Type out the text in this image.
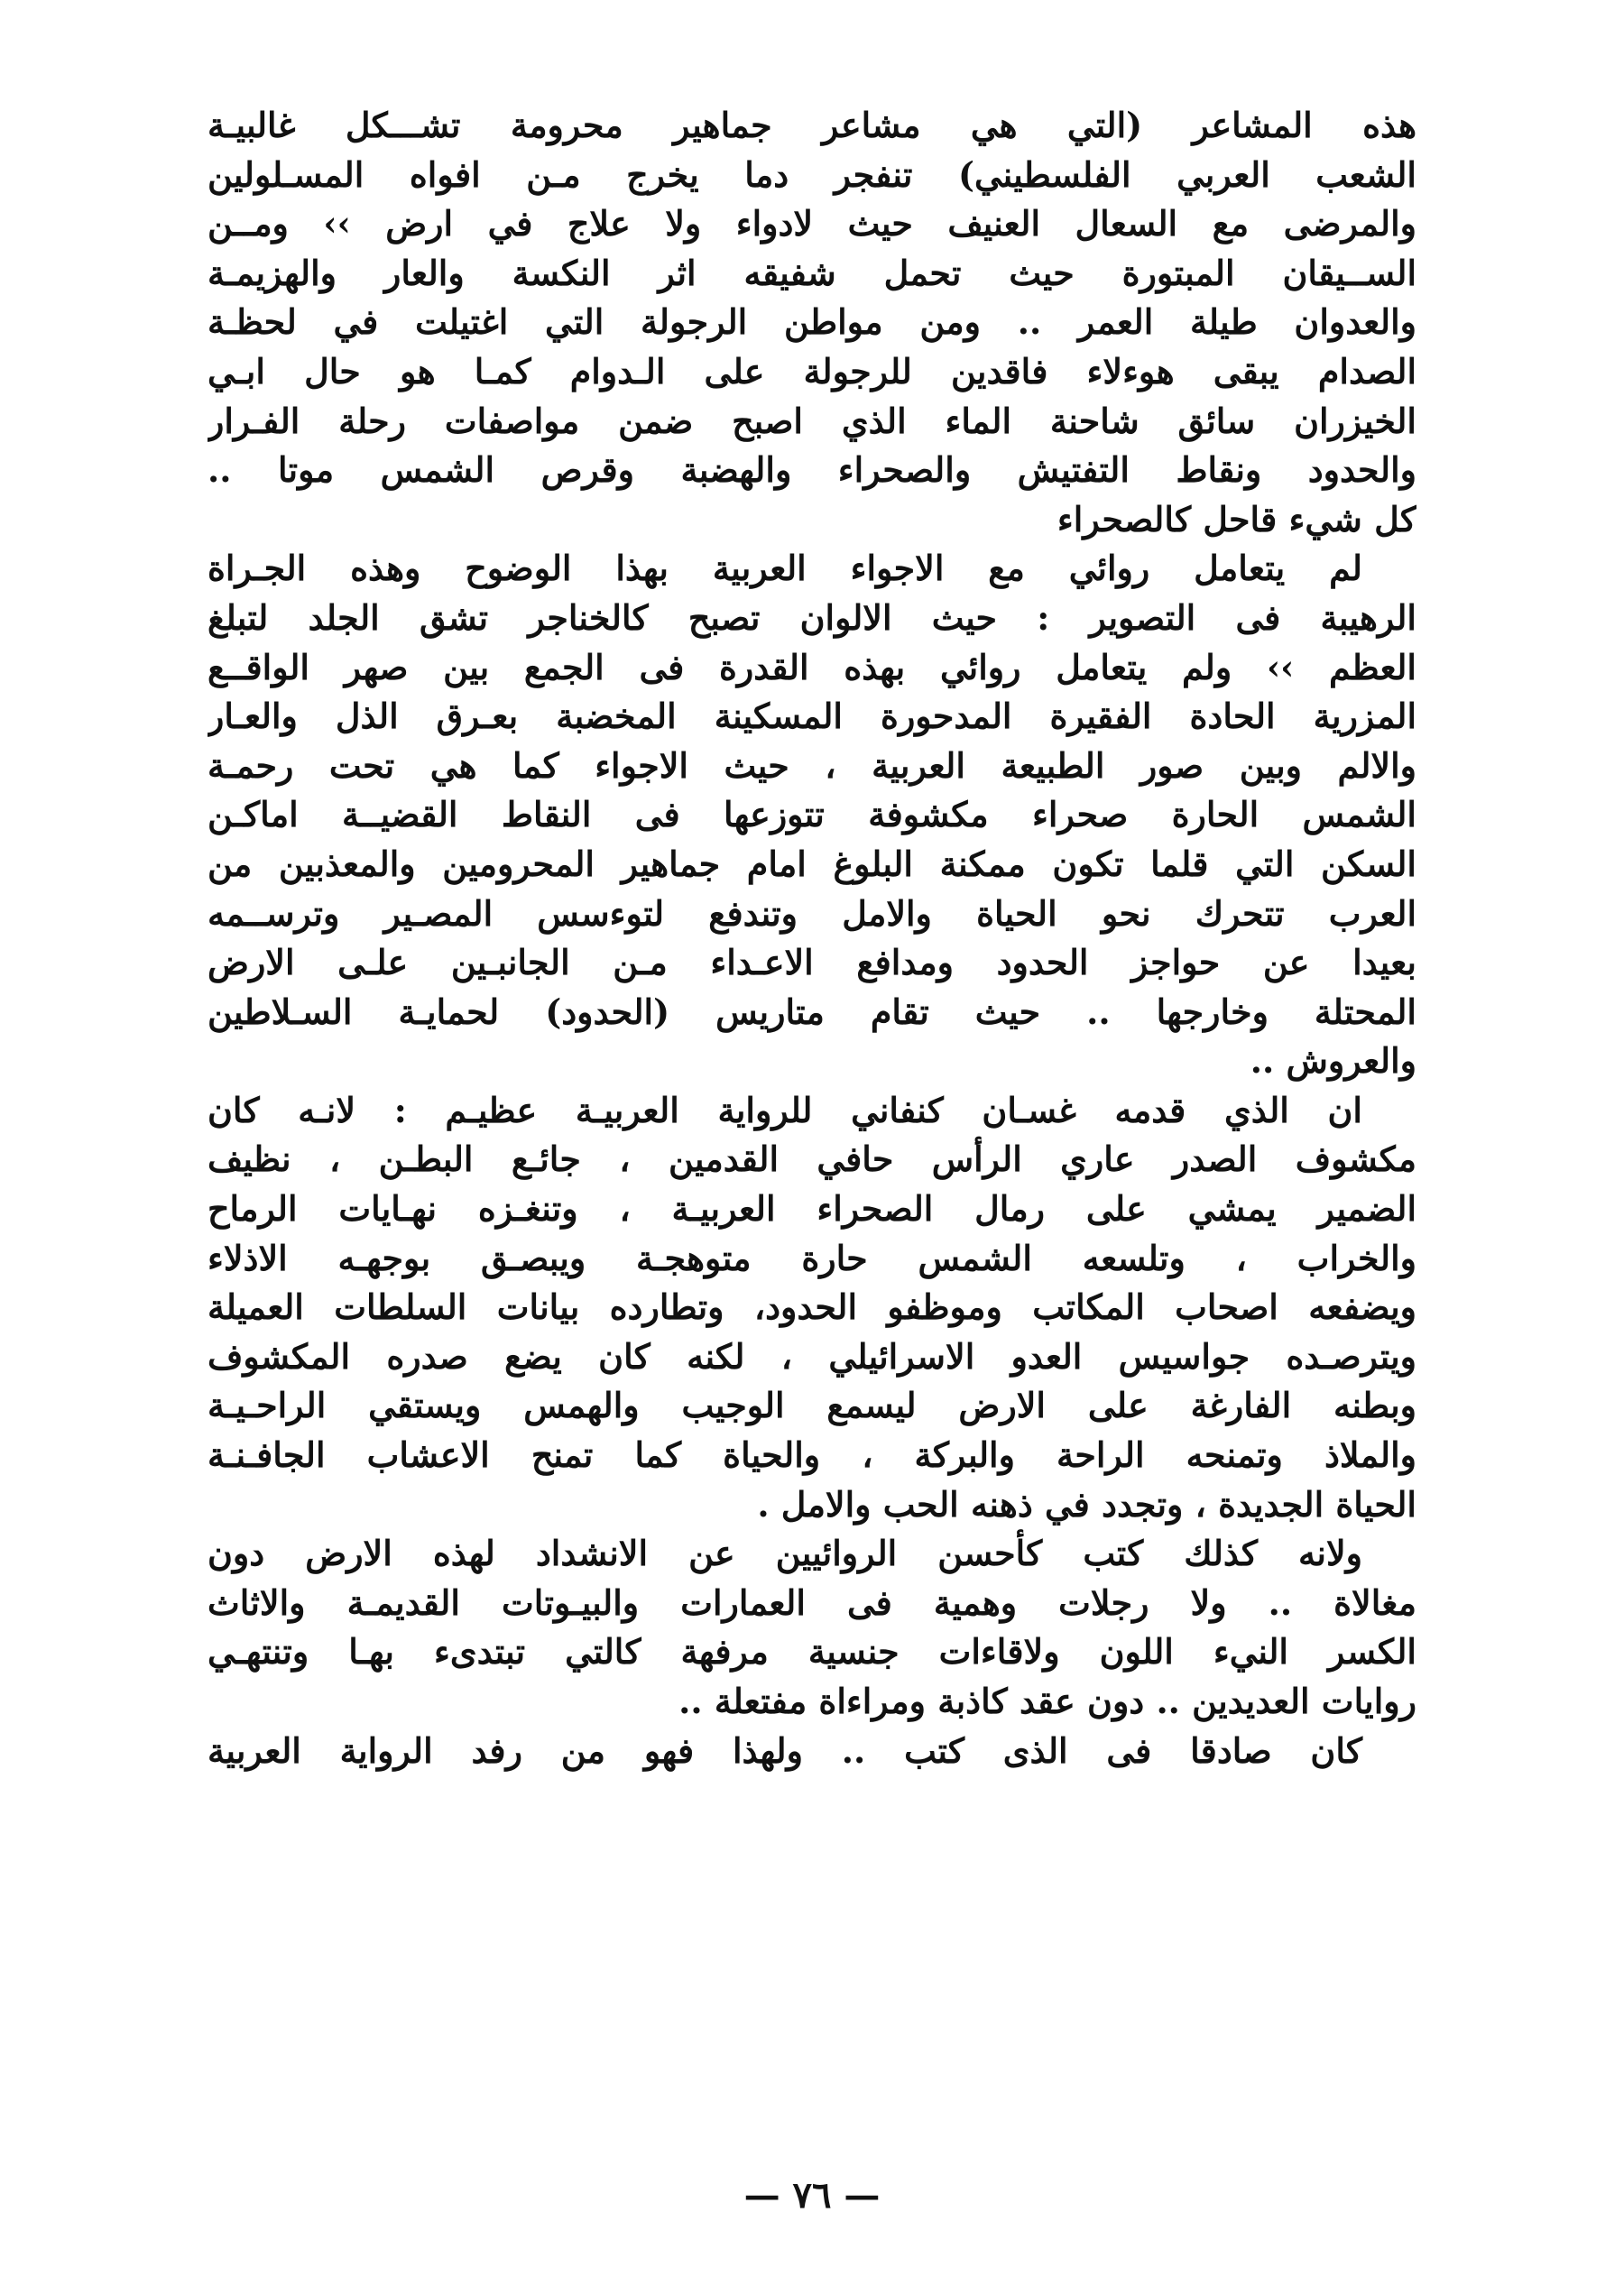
هذه المشاعر (التي هي مشاعر جماهير محرومة تشـــكل غالبيـة
الشعب العربي الفلسطيني) تنفجر دما يخرج مـن افواه المسـلولين
والمرضى مع السعال العنيف حيث لادواء ولا علاج في ارض ›› ومــن
الســيقان المبتورة حيث تحمل شفيقه اثر النكسة والعار والهزيمـة
والعدوان طيلة العمر .. ومن مواطن الرجولة التي اغتيلت في لحظـة
الصدام يبقى هوءلاء فاقدين للرجولة على الـدوام كمـا هو حال ابـي
الخيزران سائق شاحنة الماء الذي اصبح ضمن مواصفات رحلة الفـرار
والحدود ونقاط التفتيش والصحراء والهضبة وقرص الشمس موتا ..
كل شيء قاحل كالصحراء
لم يتعامل روائي مع الاجواء العربية بهذا الوضوح وهذه الجـراة
الرهيبة فى التصوير : حيث الالوان تصبح كالخناجر تشق الجلد لتبلغ
العظم ›› ولم يتعامل روائي بهذه القدرة فى الجمع بين صهر الواقــع
المزرية الحادة الفقيرة المدحورة المسكينة المخضبة بعـرق الذل والعـار
والالم وبين صور الطبيعة العربية ، حيث الاجواء كما هي تحت رحمـة
الشمس الحارة صحراء مكشوفة تتوزعها فى النقاط القضيــة اماكـن
السكن التي قلما تكون ممكنة البلوغ امام جماهير المحرومين والمعذبين من
العرب تتحرك نحو الحياة والامل وتندفع لتوءسس المصـير وترســمه
بعيدا عن حواجز الحدود ومدافع الاعـداء مـن الجانبـين علـى الارض
المحتلة وخارجها .. حيث تقام متاريس (الحدود) لحمايـة السـلاطين
والعروش ..
ان الذي قدمه غسـان كنفاني للرواية العربيـة عظيـم : لانـه كان
مكشوف الصدر عاري الرأس حافي القدمين ، جائـع البطـن ، نظيف
الضمير يمشي على رمال الصحراء العربيـة ، وتنغـزه نهـايات الرماح
والخراب ، وتلسعه الشمس حارة متوهجـة ويبصـق بوجهـه الاذلاء
ويضفعه اصحاب المكاتب وموظفو الحدود، وتطارده بيانات السلطات العميلة
ويترصـده جواسيس العدو الاسرائيلي ، لكنه كان يضع صدره المكشوف
وبطنه الفارغة على الارض ليسمع الوجيب والهمس ويستقي الراحـيـة
والملاذ وتمنحه الراحة والبركة ، والحياة كما تمنح الاعشاب الجافـنـة
الحياة الجديدة ، وتجدد في ذهنه الحب والامل .
ولانه كذلك كتب كأحسن الروائيين عن الانشداد لهذه الارض دون
مغالاة .. ولا رجلات وهمية فى العمارات والبيـوتات القديمـة والاثاث
الكسر النيء اللون ولاقاءات جنسية مرفهة كالتي تبتدىء بهـا وتنتهـي
روايات العديدين .. دون عقد كاذبة ومراءاة مفتعلة ..
كان صادقا فى الذى كتب .. ولهذا فهو من رفد الرواية العربية
— ٧٦ —
